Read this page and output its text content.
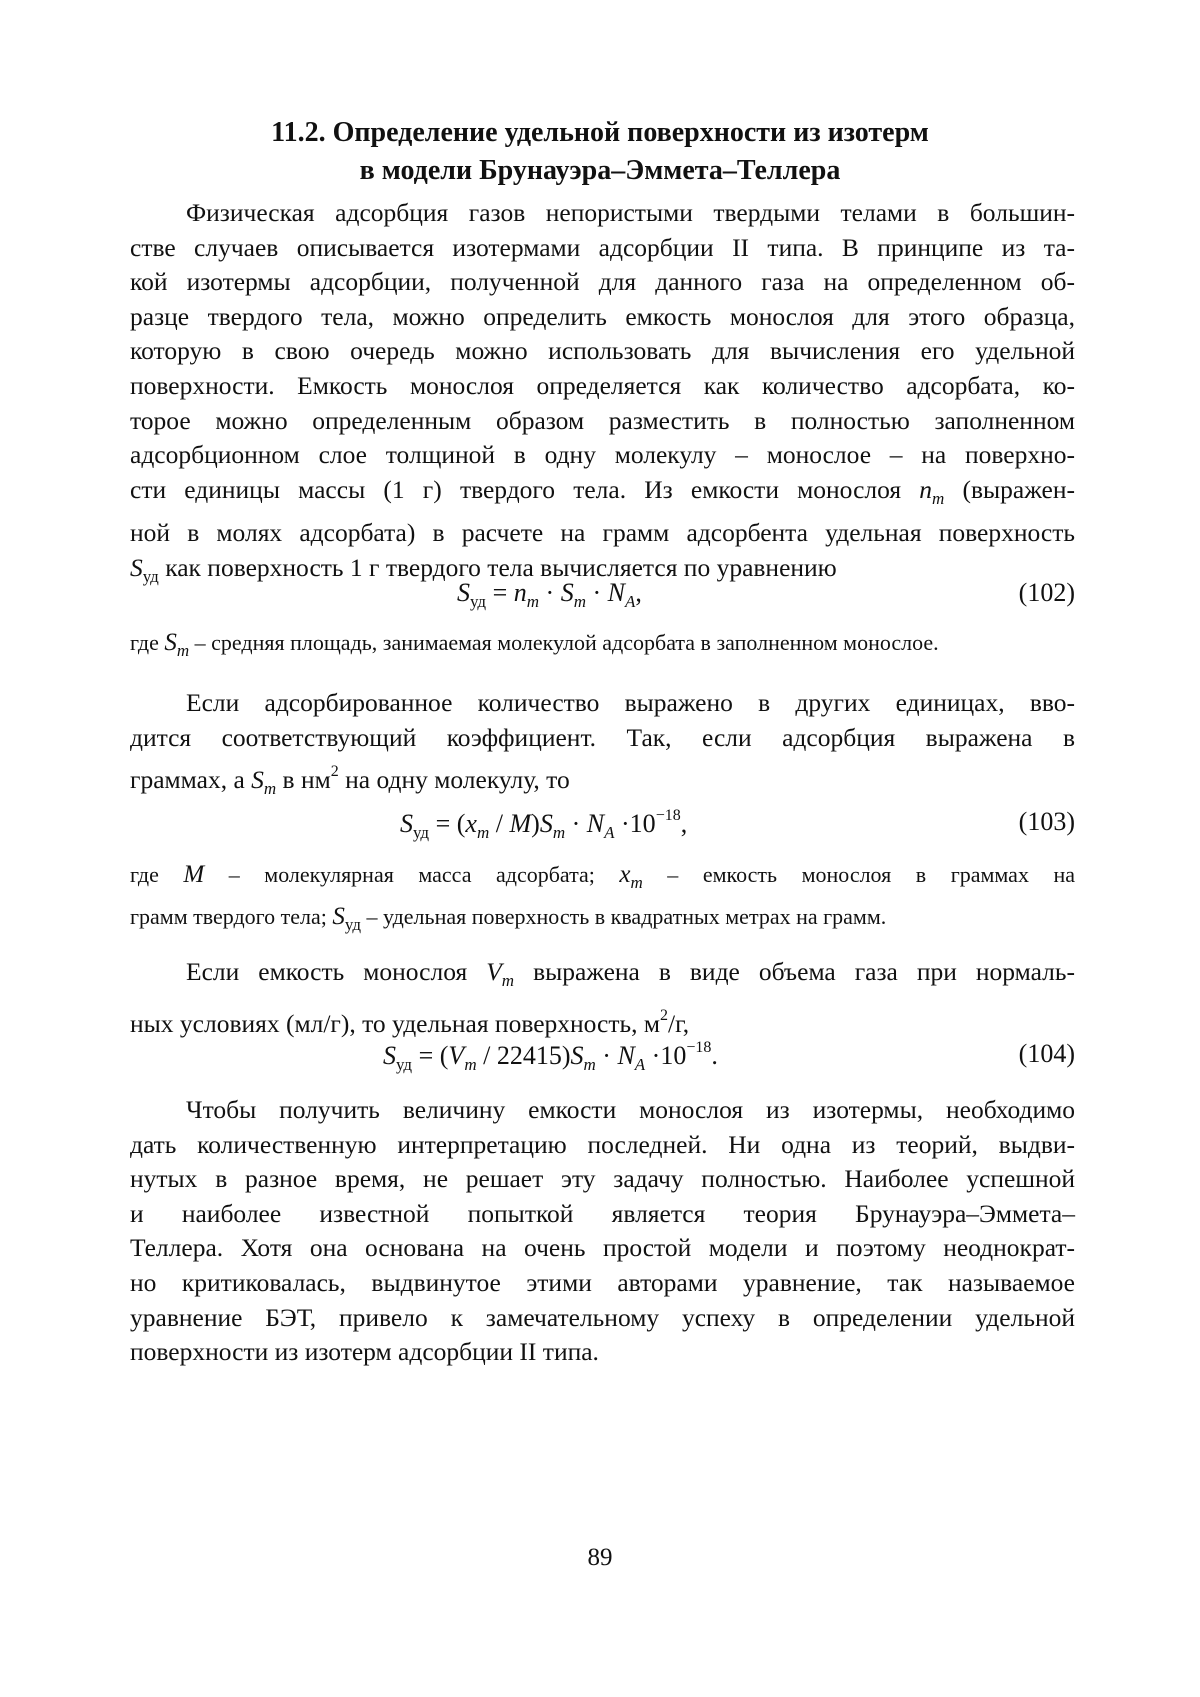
11.2. Определение удельной поверхности из изотерм
в модели Брунауэра–Эммета–Теллера
Физическая адсорбция газов непористыми твердыми телами в большин-
стве случаев описывается изотермами адсорбции II типа. В принципе из та-
кой изотермы адсорбции, полученной для данного газа на определенном об-
разце твердого тела, можно определить емкость монослоя для этого образца,
которую в свою очередь можно использовать для вычисления его удельной
поверхности. Емкость монослоя определяется как количество адсорбата, ко-
торое можно определенным образом разместить в полностью заполненном
адсорбционном слое толщиной в одну молекулу – монослое – на поверхно-
сти единицы массы (1 г) твердого тела. Из емкости монослоя $n_m$ (выражен-
ной в молях адсорбата) в расчете на грамм адсорбента удельная поверхность
$S_{уд}$ как поверхность 1 г твердого тела вычисляется по уравнению
$S_{уд} = n_m \cdot S_m \cdot N_A$,	(102)
где $S_m$ – средняя площадь, занимаемая молекулой адсорбата в заполненном монослое.
Если адсорбированное количество выражено в других единицах, вво-
дится соответствующий коэффициент. Так, если адсорбция выражена в
граммах, а $S_m$ в $нм^2$ на одну молекулу, то
$S_{уд} = (x_m / M)S_m \cdot N_A \cdot 10^{-18}$,	(103)
где M – молекулярная масса адсорбата; $x_m$ – емкость монослоя в граммах на
грамм твердого тела; $S_{уд}$ – удельная поверхность в квадратных метрах на грамм.
Если емкость монослоя $V_m$ выражена в виде объема газа при нормаль-
ных условиях (мл/г), то удельная поверхность, $м^2/г$,
$S_{уд} = (V_m / 22415)S_m \cdot N_A \cdot 10^{-18}$.	(104)
Чтобы получить величину емкости монослоя из изотермы, необходимо
дать количественную интерпретацию последней. Ни одна из теорий, выдви-
нутых в разное время, не решает эту задачу полностью. Наиболее успешной
и наиболее известной попыткой является теория Брунауэра–Эммета–
Теллера. Хотя она основана на очень простой модели и поэтому неоднократ-
но критиковалась, выдвинутое этими авторами уравнение, так называемое
уравнение БЭТ, привело к замечательному успеху в определении удельной
поверхности из изотерм адсорбции II типа.
89
